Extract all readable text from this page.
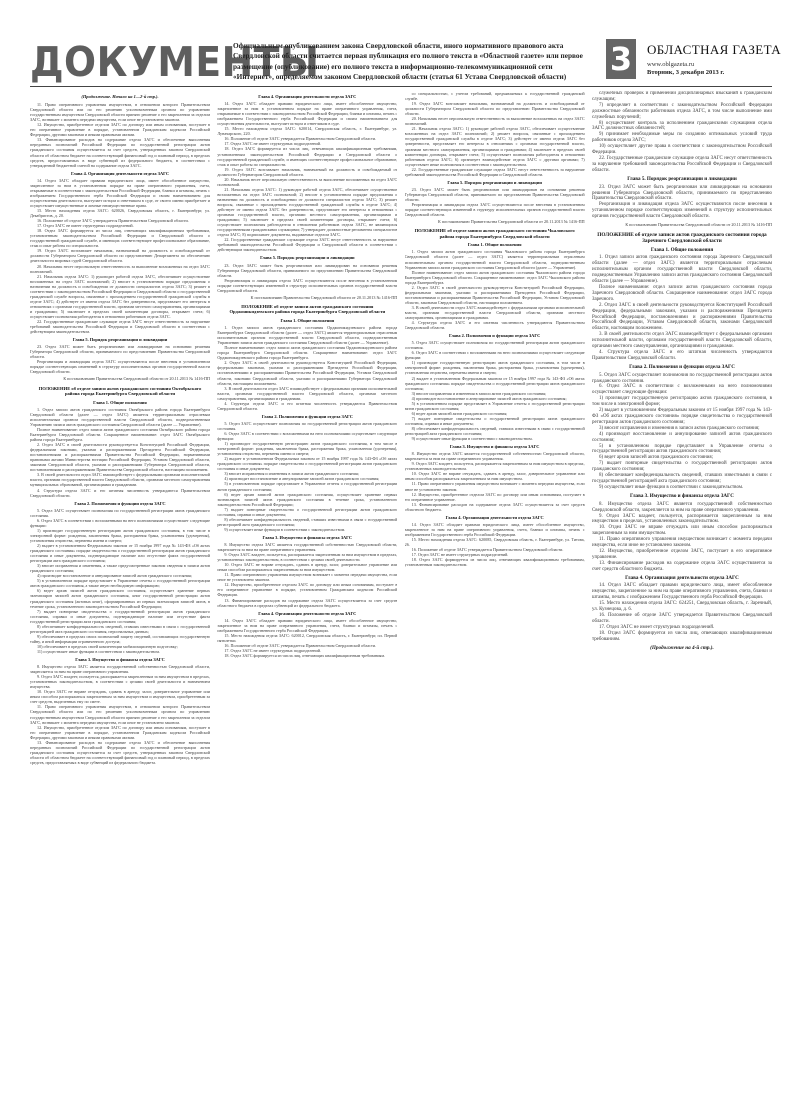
ДОКУМЕНТЫ
Официальным опубликованием закона Свердловской области, иного нормативного правового акта Свердловской области считается первая публикация его полного текста в «Областной газете» или первое размещение (опубликование) его полного текста в информационно-телекоммуникационной сети «Интернет», определяемом законом Свердловской области (статья 61 Устава Свердловской области)	3 ОБЛАСТНАЯ ГАЗЕТА
www.oblgazeta.ru
Вторник, 3 декабря 2013 г.

(Продолжение. Начало на 1—2-й стр.).

11. Право оперативного управления имуществом, в отношении которого Правительством Свердловской области или по его решению уполномоченным органом по управлению государственным имуществом Свердловской области принято решение о его закреплении за отделом ЗАГС, возникает с момента передачи имущества, если иное не установлено законом.

12. Имущество, приобретенное отделом ЗАГС по договору или иным основаниям, поступает в его оперативное управление в порядке, установленном Гражданским кодексом Российской Федерации, другими законами и иными правовыми актами.

13. Финансирование расходов на содержание отдела ЗАГС и обеспечение выполнения переданных полномочий Российской Федерации по государственной регистрации актов гражданского состояния осуществляется за счет средств, утвержденных законом Свердловской области об областном бюджете на соответствующий финансовый год и плановый период, в пределах средств, предоставляемых в виде субвенций из федерального бюджета, в соответствии с утвержденной бюджетной сметой на содержание отдела ЗАГС.

Глава 4. Организация деятельности отдела ЗАГС

14. Отдел ЗАГС обладает правами юридического лица, имеет обособленное имущество, закрепленное за ним в установленном порядке на праве оперативного управления, счета, открываемые в соответствии с законодательством Российской Федерации, бланки и штампы, печать с изображением Государственного герба Российской Федерации и своим наименованием для осуществления деятельности, выступает истцом и ответчиком в суде, от своего имени приобретает и осуществляет имущественные и личные неимущественные права.

15. Место нахождения отдела ЗАГС: 620026, Свердловская область, г. Екатеринбург, ул. Декабристов, д. 20.

16. Положение об отделе ЗАГС утверждается Правительством Свердловской области.

17. Отдел ЗАГС не имеет структурных подразделений.

18. Отдел ЗАГС формируется из числа лиц, отвечающих квалификационным требованиям, установленным законодательством Российской Федерации и Свердловской области о государственной гражданской службе, и имеющих соответствующее профессиональное образование, стаж и опыт работы по специальности.

19. Отдел ЗАГС возглавляет начальник, назначаемый на должность и освобождаемый от должности Губернатором Свердловской области по представлению Департамента по обеспечению деятельности мировых судей Свердловской области.

20. Начальник несет персональную ответственность за выполнение возложенных на отдел ЗАГС полномочий.

21. Начальник отдела ЗАГС: 1) руководит работой отдела ЗАГС, обеспечивает осуществление возложенных на отдел ЗАГС полномочий; 2) вносит в установленном порядке предложения о назначении на должность и освобождении от должности специалистов отдела ЗАГС; 3) решает в соответствии с законодательством Российской Федерации и Свердловской области о государственной гражданской службе вопросы, связанные с прохождением государственной гражданской службы в отделе ЗАГС; 4) действует от имени отдела ЗАГС без доверенности, представляет его интересы в отношениях с органами государственной власти, органами местного самоуправления, организациями и гражданами; 5) заключает в пределах своей компетенции договоры, открывает счета; 6) осуществляет полномочия работодателя в отношении работников отдела ЗАГС.

22. Государственные гражданские служащие отдела ЗАГС несут ответственность за нарушение требований законодательства Российской Федерации и Свердловской области в соответствии с действующим законодательством.

Глава 5. Порядок реорганизации и ликвидации

23. Отдел ЗАГС может быть реорганизован или ликвидирован на основании решения Губернатора Свердловской области, принимаемого по представлению Правительства Свердловской области.

Реорганизация и ликвидация отдела ЗАГС осуществляются после внесения в установленном порядке соответствующих изменений в структуру исполнительных органов государственной власти Свердловской области.

К постановлению Правительства Свердловской области от 20.11.2013 № 1416-ПП

ПОЛОЖЕНИЕ об отделе записи актов гражданского состояния Октябрьского района города Екатеринбурга Свердловской области

Глава 1. Общие положения

1. Отдел записи актов гражданского состояния Октябрьского района города Екатеринбурга Свердловской области (далее — отдел ЗАГС) является территориальным отраслевым исполнительным органом государственной власти Свердловской области, подведомственным Управлению записи актов гражданского состояния Свердловской области (далее — Управление).

Полное наименование: отдел записи актов гражданского состояния Октябрьского района города Екатеринбурга Свердловской области. Сокращенное наименование: отдел ЗАГС Октябрьского района города Екатеринбурга.

2. Отдел ЗАГС в своей деятельности руководствуется Конституцией Российской Федерации, федеральными законами, указами и распоряжениями Президента Российской Федерации, постановлениями и распоряжениями Правительства Российской Федерации, нормативными правовыми актами Министерства юстиции Российской Федерации, Уставом Свердловской области, законами Свердловской области, указами и распоряжениями Губернатора Свердловской области, постановлениями и распоряжениями Правительства Свердловской области, настоящим положением.

3. В своей деятельности отдел ЗАГС взаимодействует с федеральными органами исполнительной власти, органами государственной власти Свердловской области, органами местного самоуправления муниципальных образований, организациями и гражданами.

4. Структура отдела ЗАГС и его штатная численность утверждаются Правительством Свердловской области.

Глава 2. Полномочия и функции отдела ЗАГС

5. Отдел ЗАГС осуществляет полномочия по государственной регистрации актов гражданского состояния.

6. Отдел ЗАГС в соответствии с возложенными на него полномочиями осуществляет следующие функции:

1) производит государственную регистрацию актов гражданского состояния, в том числе в электронной форме: рождения, заключения брака, расторжения брака, усыновления (удочерения), установления отцовства, перемены имени и смерти;

2) выдает в установленном Федеральным законом от 15 ноября 1997 года № 143-ФЗ «Об актах гражданского состояния» порядке свидетельства о государственной регистрации актов гражданского состояния и иные документы, подтверждающие наличие или отсутствие факта государственной регистрации акта гражданского состояния;

3) вносит исправления и изменения, а также предусмотренные законом сведения в записи актов гражданского состояния;

4) производит восстановление и аннулирование записей актов гражданского состояния;

5) в установленном порядке представляет в Управление отчеты о государственной регистрации актов гражданского состояния, а также иную необходимую информацию;

6) ведет архив записей актов гражданского состояния, осуществляет хранение первых экземпляров записей актов гражданского состояния, книг государственной регистрации актов гражданского состояния (актовых книг), сформированных из первых экземпляров записей актов, в течение срока, установленного законодательством Российской Федерации;

7) выдает повторные свидетельства о государственной регистрации актов гражданского состояния, справки и иные документы, подтверждающие наличие или отсутствие факта государственной регистрации акта гражданского состояния;

8) обеспечивает конфиденциальность сведений, ставших известными в связи с государственной регистрацией акта гражданского состояния, персональных данных;

9) обеспечивает в пределах своих полномочий защиту сведений, составляющих государственную тайну, и иной информации ограниченного доступа;

10) обеспечивает в пределах своей компетенции мобилизационную подготовку;

11) осуществляет иные функции в соответствии с законодательством.

Глава 3. Имущество и финансы отдела ЗАГС

8. Имущество отдела ЗАГС является государственной собственностью Свердловской области, закрепляется за ним на праве оперативного управления.

9. Отдел ЗАГС владеет, пользуется, распоряжается закрепленным за ним имуществом в пределах, установленных законодательством, в соответствии с целями своей деятельности и назначением имущества.

10. Отдел ЗАГС не вправе отчуждать, сдавать в аренду, залог, доверительное управление или иным способом распоряжаться закрепленным за ним имуществом и имуществом, приобретенным за счет средств, выделенных ему по смете.

11. Право оперативного управления имуществом, в отношении которого Правительством Свердловской области или по его решению уполномоченным органом по управлению государственным имуществом Свердловской области принято решение о его закреплении за отделом ЗАГС, возникает с момента передачи имущества, если иное не установлено законом.

12. Имущество, приобретенное отделом ЗАГС по договору или иным основаниям, поступает в его оперативное управление в порядке, установленном Гражданским кодексом Российской Федерации, другими законами и иными правовыми актами.

13. Финансирование расходов на содержание отдела ЗАГС и обеспечение выполнения переданных полномочий Российской Федерации по государственной регистрации актов гражданского состояния осуществляется за счет средств, утвержденных законом Свердловской области об областном бюджете на соответствующий финансовый год и плановый период, в пределах средств, предоставляемых в виде субвенций из федерального бюджета.

Глава 4. Организация деятельности отдела ЗАГС

14. Отдел ЗАГС обладает правами юридического лица, имеет обособленное имущество, закрепленное за ним в установленном порядке на праве оперативного управления, счета, открываемые в соответствии с законодательством Российской Федерации, бланки и штампы, печать с изображением Государственного герба Российской Федерации и своим наименованием для осуществления деятельности, выступает истцом и ответчиком в суде.

15. Место нахождения отдела ЗАГС: 620014, Свердловская область, г. Екатеринбург, ул. Луначарского, 220.

16. Положение об отделе ЗАГС утверждается Правительством Свердловской области.

17. Отдел ЗАГС не имеет структурных подразделений.

18. Отдел ЗАГС формируется из числа лиц, отвечающих квалификационным требованиям, установленным законодательством Российской Федерации и Свердловской области о государственной гражданской службе, и имеющих соответствующее профессиональное образование, стаж и опыт работы по специальности.

19. Отдел ЗАГС возглавляет начальник, назначаемый на должность и освобождаемый от должности Губернатором Свердловской области.

20. Начальник несет персональную ответственность за выполнение возложенных на отдел ЗАГС полномочий.

21. Начальник отдела ЗАГС: 1) руководит работой отдела ЗАГС, обеспечивает осуществление возложенных на отдел ЗАГС полномочий; 2) вносит в установленном порядке предложения о назначении на должность и освобождении от должности специалистов отдела ЗАГС; 3) решает вопросы, связанные с прохождением государственной гражданской службы в отделе ЗАГС; 4) действует от имени отдела ЗАГС без доверенности, представляет его интересы в отношениях с органами государственной власти, органами местного самоуправления, организациями и гражданами; 5) заключает в пределах своей компетенции договоры, открывает счета; 6) осуществляет полномочия работодателя в отношении работников отдела ЗАГС, не являющихся государственными гражданскими служащими; 7) утверждает должностные регламенты специалистов отдела ЗАГС; 8) подписывает документы, выдаваемые отделом ЗАГС.

22. Государственные гражданские служащие отдела ЗАГС несут ответственность за нарушение требований законодательства Российской Федерации и Свердловской области в соответствии с действующим законодательством.

Глава 5. Порядок реорганизации и ликвидации

23. Отдел ЗАГС может быть реорганизован или ликвидирован на основании решения Губернатора Свердловской области, принимаемого по представлению Правительства Свердловской области.

Реорганизация и ликвидация отдела ЗАГС осуществляются после внесения в установленном порядке соответствующих изменений в структуру исполнительных органов государственной власти Свердловской области.

К постановлению Правительства Свердловской области от 20.11.2013 № 1416-ПП

ПОЛОЖЕНИЕ об отделе записи актов гражданского состояния Орджоникидзевского района города Екатеринбурга Свердловской области

Глава 1. Общие положения

1. Отдел записи актов гражданского состояния Орджоникидзевского района города Екатеринбурга Свердловской области (далее — отдел ЗАГС) является территориальным отраслевым исполнительным органом государственной власти Свердловской области, подведомственным Управлению записи актов гражданского состояния Свердловской области (далее — Управление).

Полное наименование: отдел записи актов гражданского состояния Орджоникидзевского района города Екатеринбурга Свердловской области. Сокращенное наименование: отдел ЗАГС Орджоникидзевского района города Екатеринбурга.

2. Отдел ЗАГС в своей деятельности руководствуется Конституцией Российской Федерации, федеральными законами, указами и распоряжениями Президента Российской Федерации, постановлениями и распоряжениями Правительства Российской Федерации, Уставом Свердловской области, законами Свердловской области, указами и распоряжениями Губернатора Свердловской области, настоящим положением.

3. В своей деятельности отдел ЗАГС взаимодействует с федеральными органами исполнительной власти, органами государственной власти Свердловской области, органами местного самоуправления, организациями и гражданами.

4. Структура отдела ЗАГС и его штатная численность утверждаются Правительством Свердловской области.

Глава 2. Полномочия и функции отдела ЗАГС

5. Отдел ЗАГС осуществляет полномочия по государственной регистрации актов гражданского состояния.

6. Отдел ЗАГС в соответствии с возложенными на него полномочиями осуществляет следующие функции:

1) производит государственную регистрацию актов гражданского состояния, в том числе в электронной форме: рождения, заключения брака, расторжения брака, усыновления (удочерения), установления отцовства, перемены имени и смерти;

2) выдает в установленном Федеральным законом от 15 ноября 1997 года № 143-ФЗ «Об актах гражданского состояния» порядке свидетельства о государственной регистрации актов гражданского состояния и иные документы;

3) вносит исправления и изменения в записи актов гражданского состояния;

4) производит восстановление и аннулирование записей актов гражданского состояния;

5) в установленном порядке представляет в Управление отчеты о государственной регистрации актов гражданского состояния;

6) ведет архив записей актов гражданского состояния, осуществляет хранение первых экземпляров записей актов гражданского состояния в течение срока, установленного законодательством Российской Федерации;

7) выдает повторные свидетельства о государственной регистрации актов гражданского состояния, справки и иные документы;

8) обеспечивает конфиденциальность сведений, ставших известными в связи с государственной регистрацией акта гражданского состояния;

9) осуществляет иные функции в соответствии с законодательством.

Глава 3. Имущество и финансы отдела ЗАГС

8. Имущество отдела ЗАГС является государственной собственностью Свердловской области, закрепляется за ним на праве оперативного управления.

9. Отдел ЗАГС владеет, пользуется, распоряжается закрепленным за ним имуществом в пределах, установленных законодательством, в соответствии с целями своей деятельности.

10. Отдел ЗАГС не вправе отчуждать, сдавать в аренду, залог, доверительное управление или иным способом распоряжаться закрепленным за ним имуществом.

11. Право оперативного управления имуществом возникает с момента передачи имущества, если иное не установлено законом.

12. Имущество, приобретенное отделом ЗАГС по договору или иным основаниям, поступает в его оперативное управление в порядке, установленном Гражданским кодексом Российской Федерации.

13. Финансирование расходов на содержание отдела ЗАГС осуществляется за счет средств областного бюджета в пределах субвенций из федерального бюджета.

Глава 4. Организация деятельности отдела ЗАГС

14. Отдел ЗАГС обладает правами юридического лица, имеет обособленное имущество, закрепленное за ним на праве оперативного управления, счета, бланки и штампы, печать с изображением Государственного герба Российской Федерации.

15. Место нахождения отдела ЗАГС: 620012, Свердловская область, г. Екатеринбург, пл. Первой пятилетки.

16. Положение об отделе ЗАГС утверждается Правительством Свердловской области.

17. Отдел ЗАГС не имеет структурных подразделений.

18. Отдел ЗАГС формируется из числа лиц, отвечающих квалификационным требованиям.

со специальностью, с учетом требований, предъявляемых к государственной гражданской службе.

19. Отдел ЗАГС возглавляет начальник, назначаемый на должность и освобождаемый от должности Губернатором Свердловской области по представлению Правительства Свердловской области.

20. Начальник несет персональную ответственность за выполнение возложенных на отдел ЗАГС полномочий.

21. Начальник отдела ЗАГС: 1) руководит работой отдела ЗАГС, обеспечивает осуществление возложенных на отдел ЗАГС полномочий; 2) решает вопросы, связанные с прохождением государственной гражданской службы в отделе ЗАГС; 3) действует от имени отдела ЗАГС без доверенности, представляет его интересы в отношениях с органами государственной власти, органами местного самоуправления, организациями и гражданами; 4) заключает в пределах своей компетенции договоры, открывает счета; 5) осуществляет полномочия работодателя в отношении работников отдела ЗАГС; 6) организует взаимодействие отдела ЗАГС с другими органами; 7) осуществляет иные полномочия в соответствии с законодательством.

22. Государственные гражданские служащие отдела ЗАГС несут ответственность за нарушение требований законодательства Российской Федерации и Свердловской области.

Глава 5. Порядок реорганизации и ликвидации

23. Отдел ЗАГС может быть реорганизован или ликвидирован на основании решения Губернатора Свердловской области, принимаемого по представлению Правительства Свердловской области.

Реорганизация и ликвидация отдела ЗАГС осуществляются после внесения в установленном порядке соответствующих изменений в структуру исполнительных органов государственной власти Свердловской области.

К постановлению Правительства Свердловской области от 20.11.2013 № 1416-ПП

ПОЛОЖЕНИЕ об отделе записи актов гражданского состояния Чкаловского района города Екатеринбурга Свердловской области

Глава 1. Общие положения

1. Отдел записи актов гражданского состояния Чкаловского района города Екатеринбурга Свердловской области (далее — отдел ЗАГС) является территориальным отраслевым исполнительным органом государственной власти Свердловской области, подведомственным Управлению записи актов гражданского состояния Свердловской области (далее — Управление).

Полное наименование: отдел записи актов гражданского состояния Чкаловского района города Екатеринбурга Свердловской области. Сокращенное наименование: отдел ЗАГС Чкаловского района города Екатеринбурга.

2. Отдел ЗАГС в своей деятельности руководствуется Конституцией Российской Федерации, федеральными законами, указами и распоряжениями Президента Российской Федерации, постановлениями и распоряжениями Правительства Российской Федерации, Уставом Свердловской области, законами Свердловской области, настоящим положением.

3. В своей деятельности отдел ЗАГС взаимодействует с федеральными органами исполнительной власти, органами государственной власти Свердловской области, органами местного самоуправления, организациями и гражданами.

4. Структура отдела ЗАГС и его штатная численность утверждаются Правительством Свердловской области.

Глава 2. Полномочия и функции отдела ЗАГС

5. Отдел ЗАГС осуществляет полномочия по государственной регистрации актов гражданского состояния.

6. Отдел ЗАГС в соответствии с возложенными на него полномочиями осуществляет следующие функции:

1) производит государственную регистрацию актов гражданского состояния, в том числе в электронной форме: рождения, заключения брака, расторжения брака, усыновления (удочерения), установления отцовства, перемены имени и смерти;

2) выдает в установленном Федеральным законом от 15 ноября 1997 года № 143-ФЗ «Об актах гражданского состояния» порядке свидетельства о государственной регистрации актов гражданского состояния;

3) вносит исправления и изменения в записи актов гражданского состояния;

4) производит восстановление и аннулирование записей актов гражданского состояния;

5) в установленном порядке представляет в Управление отчеты о государственной регистрации актов гражданского состояния;

6) ведет архив записей актов гражданского состояния;

7) выдает повторные свидетельства о государственной регистрации актов гражданского состояния, справки и иные документы;

8) обеспечивает конфиденциальность сведений, ставших известными в связи с государственной регистрацией акта гражданского состояния;

9) осуществляет иные функции в соответствии с законодательством.

Глава 3. Имущество и финансы отдела ЗАГС

8. Имущество отдела ЗАГС является государственной собственностью Свердловской области, закрепляется за ним на праве оперативного управления.

9. Отдел ЗАГС владеет, пользуется, распоряжается закрепленным за ним имуществом в пределах, установленных законодательством.

10. Отдел ЗАГС не вправе отчуждать, сдавать в аренду, залог, доверительное управление или иным способом распоряжаться закрепленным за ним имуществом.

11. Право оперативного управления имуществом возникает с момента передачи имущества, если иное не установлено законом.

12. Имущество, приобретенное отделом ЗАГС по договору или иным основаниям, поступает в его оперативное управление.

13. Финансирование расходов на содержание отдела ЗАГС осуществляется за счет средств областного бюджета.

Глава 4. Организация деятельности отдела ЗАГС

14. Отдел ЗАГС обладает правами юридического лица, имеет обособленное имущество, закрепленное за ним на праве оперативного управления, счета, бланки и штампы, печать с изображением Государственного герба Российской Федерации.

15. Место нахождения отдела ЗАГС: 620085, Свердловская область, г. Екатеринбург, ул. Титова, 26.

16. Положение об отделе ЗАГС утверждается Правительством Свердловской области.

17. Отдел ЗАГС не имеет структурных подразделений.

18. Отдел ЗАГС формируется из числа лиц, отвечающих квалификационным требованиям, установленным законодательством.

служебных проверок и применении дисциплинарных взысканий к гражданским служащим;

7) определяет в соответствии с законодательством Российской Федерации должностные обязанности работников отдела ЗАГС, в том числе выполнение ими служебных поручений;

8) осуществляет контроль за исполнением гражданскими служащими отдела ЗАГС должностных обязанностей;

9) принимает необходимые меры по созданию оптимальных условий труда работников отдела ЗАГС;

10) осуществляет другие права в соответствии с законодательством Российской Федерации.

22. Государственные гражданские служащие отдела ЗАГС несут ответственность за нарушение требований законодательства Российской Федерации и Свердловской области.

Глава 5. Порядок реорганизации и ликвидации

23. Отдел ЗАГС может быть реорганизован или ликвидирован на основании решения Губернатора Свердловской области, принимаемого по представлению Правительства Свердловской области.

Реорганизация и ликвидация отдела ЗАГС осуществляются после внесения в установленном порядке соответствующих изменений в структуру исполнительных органов государственной власти Свердловской области.

К постановлению Правительства Свердловской области от 20.11.2013 № 1416-ПП

ПОЛОЖЕНИЕ об отделе записи актов гражданского состояния города Заречного Свердловской области

Глава 1. Общие положения

1. Отдел записи актов гражданского состояния города Заречного Свердловской области (далее — отдел ЗАГС) является территориальным отраслевым исполнительным органом государственной власти Свердловской области, подведомственным Управлению записи актов гражданского состояния Свердловской области (далее — Управление).

Полное наименование: отдел записи актов гражданского состояния города Заречного Свердловской области. Сокращенное наименование: отдел ЗАГС города Заречного.

2. Отдел ЗАГС в своей деятельности руководствуется Конституцией Российской Федерации, федеральными законами, указами и распоряжениями Президента Российской Федерации, постановлениями и распоряжениями Правительства Российской Федерации, Уставом Свердловской области, законами Свердловской области, настоящим положением.

3. В своей деятельности отдел ЗАГС взаимодействует с федеральными органами исполнительной власти, органами государственной власти Свердловской области, органами местного самоуправления, организациями и гражданами.

4. Структура отдела ЗАГС и его штатная численность утверждаются Правительством Свердловской области.

Глава 2. Полномочия и функции отдела ЗАГС

5. Отдел ЗАГС осуществляет полномочия по государственной регистрации актов гражданского состояния.

6. Отдел ЗАГС в соответствии с возложенными на него полномочиями осуществляет следующие функции:

1) производит государственную регистрацию актов гражданского состояния, в том числе в электронной форме;

2) выдает в установленном Федеральным законом от 15 ноября 1997 года № 143-ФЗ «Об актах гражданского состояния» порядке свидетельства о государственной регистрации актов гражданского состояния;

3) вносит исправления и изменения в записи актов гражданского состояния;

4) производит восстановление и аннулирование записей актов гражданского состояния;

5) в установленном порядке представляет в Управление отчеты о государственной регистрации актов гражданского состояния;

6) ведет архив записей актов гражданского состояния;

7) выдает повторные свидетельства о государственной регистрации актов гражданского состояния;

8) обеспечивает конфиденциальность сведений, ставших известными в связи с государственной регистрацией акта гражданского состояния;

9) осуществляет иные функции в соответствии с законодательством.

Глава 3. Имущество и финансы отдела ЗАГС

8. Имущество отдела ЗАГС является государственной собственностью Свердловской области, закрепляется за ним на праве оперативного управления.

9. Отдел ЗАГС владеет, пользуется, распоряжается закрепленным за ним имуществом в пределах, установленных законодательством.

10. Отдел ЗАГС не вправе отчуждать или иным способом распоряжаться закрепленным за ним имуществом.

11. Право оперативного управления имуществом возникает с момента передачи имущества, если иное не установлено законом.

12. Имущество, приобретенное отделом ЗАГС, поступает в его оперативное управление.

13. Финансирование расходов на содержание отдела ЗАГС осуществляется за счет средств областного бюджета.

Глава 4. Организация деятельности отдела ЗАГС

14. Отдел ЗАГС обладает правами юридического лица, имеет обособленное имущество, закрепленное за ним на праве оперативного управления, счета, бланки и штампы, печать с изображением Государственного герба Российской Федерации.

15. Место нахождения отдела ЗАГС: 624251, Свердловская область, г. Заречный, ул. Кузнецова, д. 6.

16. Положение об отделе ЗАГС утверждается Правительством Свердловской области.

17. Отдел ЗАГС не имеет структурных подразделений.

18. Отдел ЗАГС формируется из числа лиц, отвечающих квалификационным требованиям.

(Продолжение на 4-й стр.).
